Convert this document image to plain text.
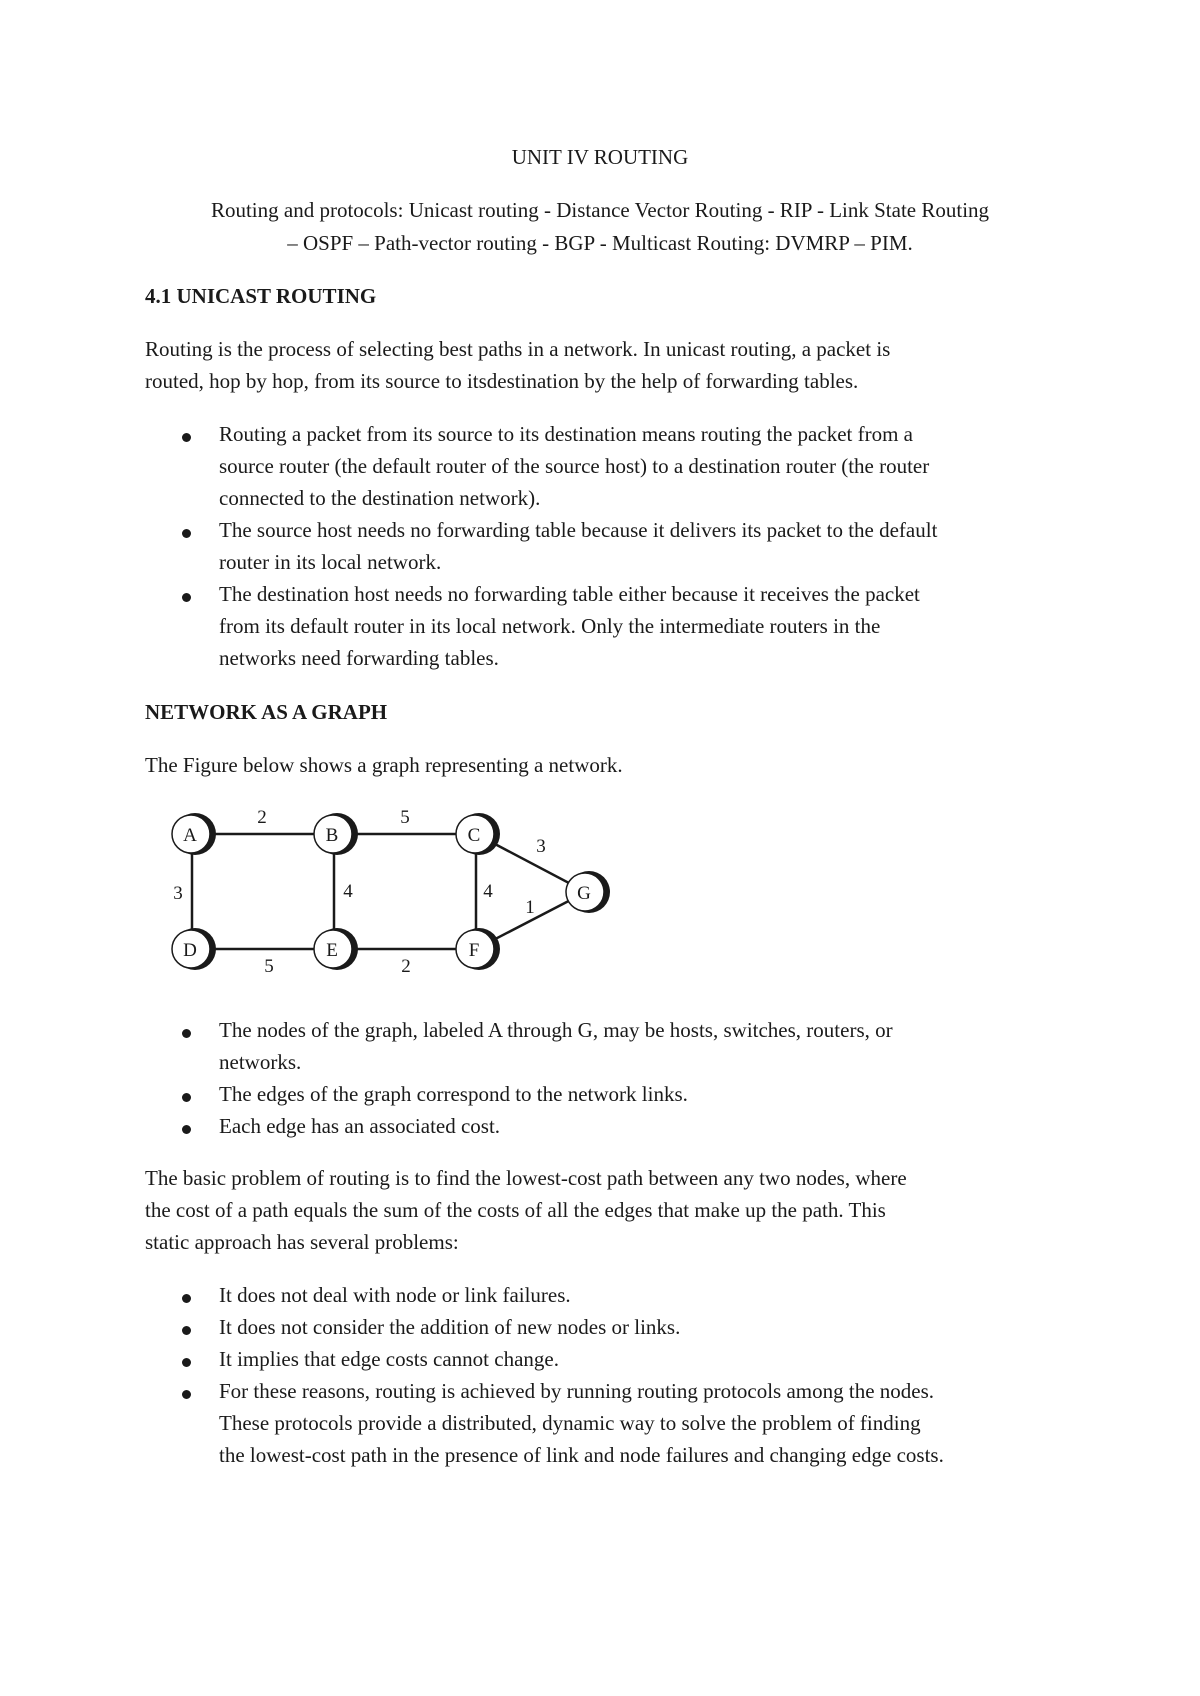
UNIT IV ROUTING

Routing and protocols: Unicast routing - Distance Vector Routing - RIP - Link State Routing

– OSPF – Path-vector routing - BGP - Multicast Routing: DVMRP – PIM.

4.1 UNICAST ROUTING

Routing is the process of selecting best paths in a network. In unicast routing, a packet is

routed, hop by hop, from its source to itsdestination by the help of forwarding tables.

Routing a packet from its source to its destination means routing the packet from a
source router (the default router of the source host) to a destination router (the router
connected to the destination network).
The source host needs no forwarding table because it delivers its packet to the default
router in its local network.
The destination host needs no forwarding table either because it receives the packet
from its default router in its local network. Only the intermediate routers in the
networks need forwarding tables.

NETWORK AS A GRAPH

The Figure below shows a graph representing a network.

A	B	C
D	E	F
G
2	5
3	4	4
3
1
5	2
The nodes of the graph, labeled A through G, may be hosts, switches, routers, or
networks.
The edges of the graph correspond to the network links.
Each edge has an associated cost.

The basic problem of routing is to find the lowest-cost path between any two nodes, where

the cost of a path equals the sum of the costs of all the edges that make up the path. This

static approach has several problems:

It does not deal with node or link failures.
It does not consider the addition of new nodes or links.
It implies that edge costs cannot change.
For these reasons, routing is achieved by running routing protocols among the nodes.
These protocols provide a distributed, dynamic way to solve the problem of finding
the lowest-cost path in the presence of link and node failures and changing edge costs.
